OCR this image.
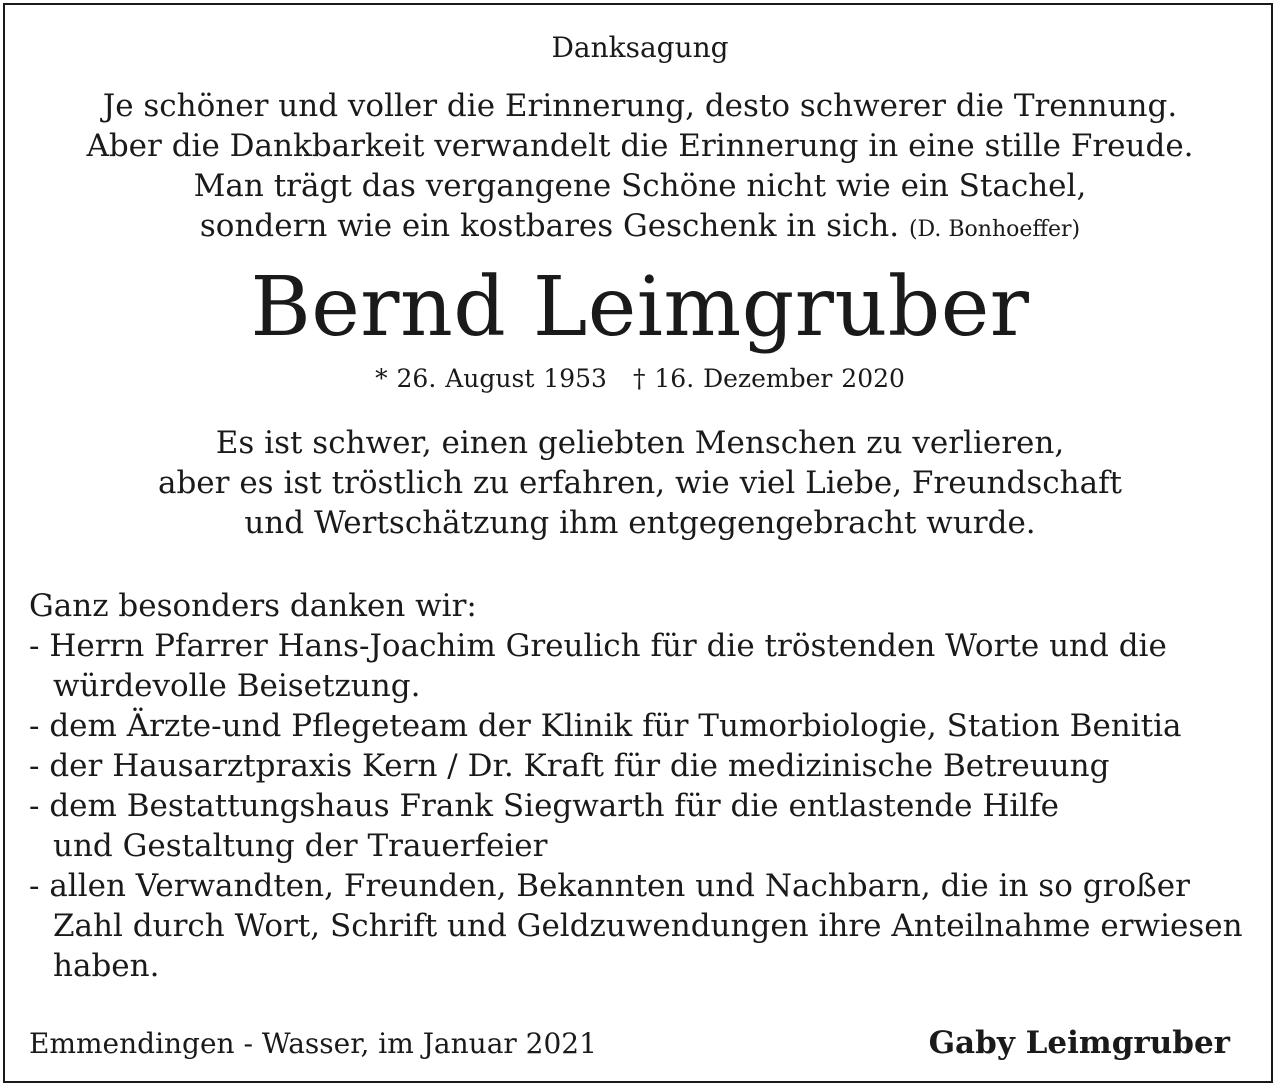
Danksagung
Je schöner und voller die Erinnerung, desto schwerer die Trennung.
Aber die Dankbarkeit verwandelt die Erinnerung in eine stille Freude.
Man trägt das vergangene Schöne nicht wie ein Stachel,
sondern wie ein kostbares Geschenk in sich. (D. Bonhoeffer)
Bernd Leimgruber
* 26. August 1953 † 16. Dezember 2020
Es ist schwer, einen geliebten Menschen zu verlieren,
aber es ist tröstlich zu erfahren, wie viel Liebe, Freundschaft
und Wertschätzung ihm entgegengebracht wurde.
Ganz besonders danken wir:
- Herrn Pfarrer Hans-Joachim Greulich für die tröstenden Worte und die
würdevolle Beisetzung.
- dem Ärzte-und Pflegeteam der Klinik für Tumorbiologie, Station Benitia
- der Hausarztpraxis Kern / Dr. Kraft für die medizinische Betreuung
- dem Bestattungshaus Frank Siegwarth für die entlastende Hilfe
und Gestaltung der Trauerfeier
- allen Verwandten, Freunden, Bekannten und Nachbarn, die in so großer
Zahl durch Wort, Schrift und Geldzuwendungen ihre Anteilnahme erwiesen
haben.
Emmendingen - Wasser, im Januar 2021	Gaby Leimgruber
